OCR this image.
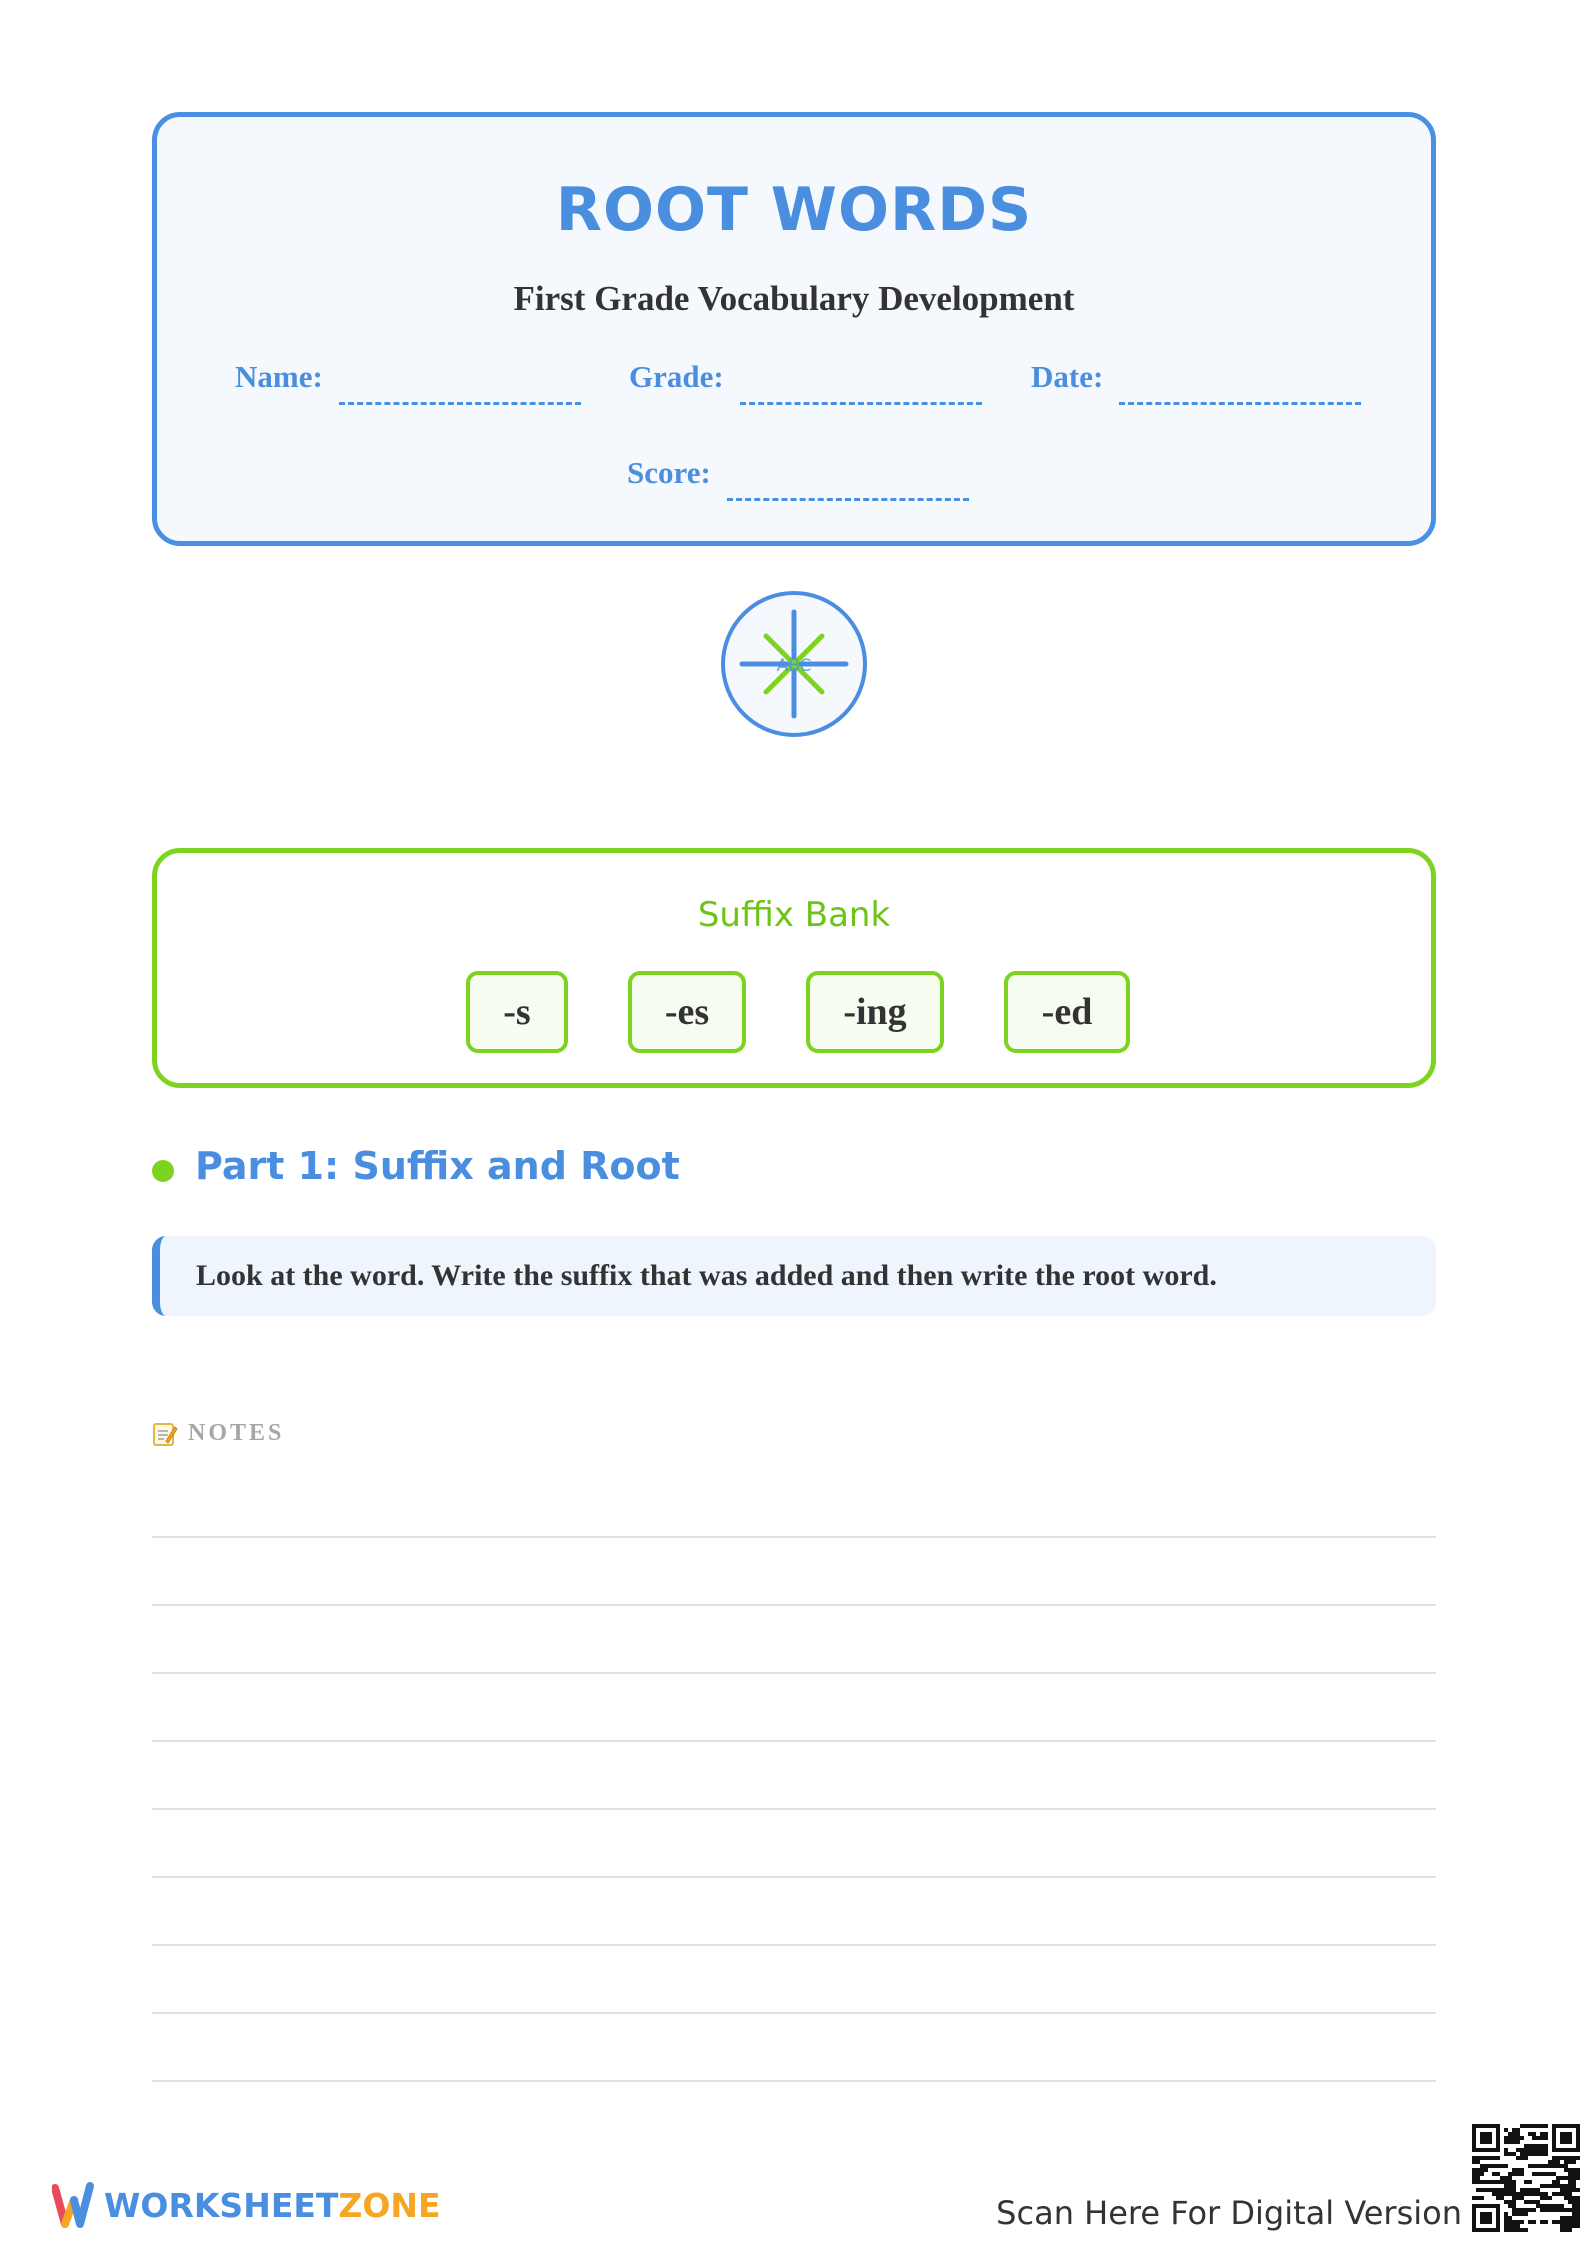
ROOT WORDS
First Grade Vocabulary Development
Name:	Grade:	Date:
Score:
ABC
Suffix Bank
-s	-es	-ing	-ed
Part 1: Suffix and Root
Look at the word. Write the suffix that was added and then write the root word.
NOTES
WORKSHEETZONE	Scan Here For Digital Version
